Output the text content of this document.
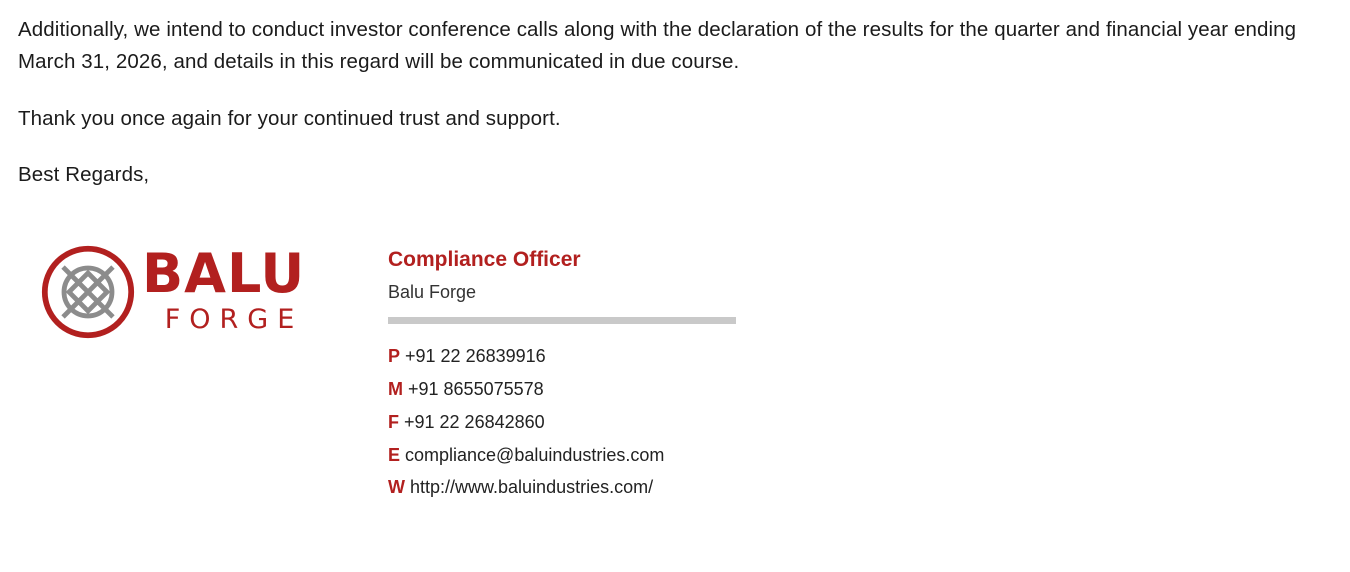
Additionally, we intend to conduct investor conference calls along with the declaration of the results for the quarter and financial year ending March 31, 2026, and details in this regard will be communicated in due course.

Thank you once again for your continued trust and support.

Best Regards,

BALU
FORGE
Compliance Officer
Balu Forge
P +91 22 26839916
M +91 8655075578
F +91 22 26842860
E compliance@baluindustries.com
W http://www.baluindustries.com/
